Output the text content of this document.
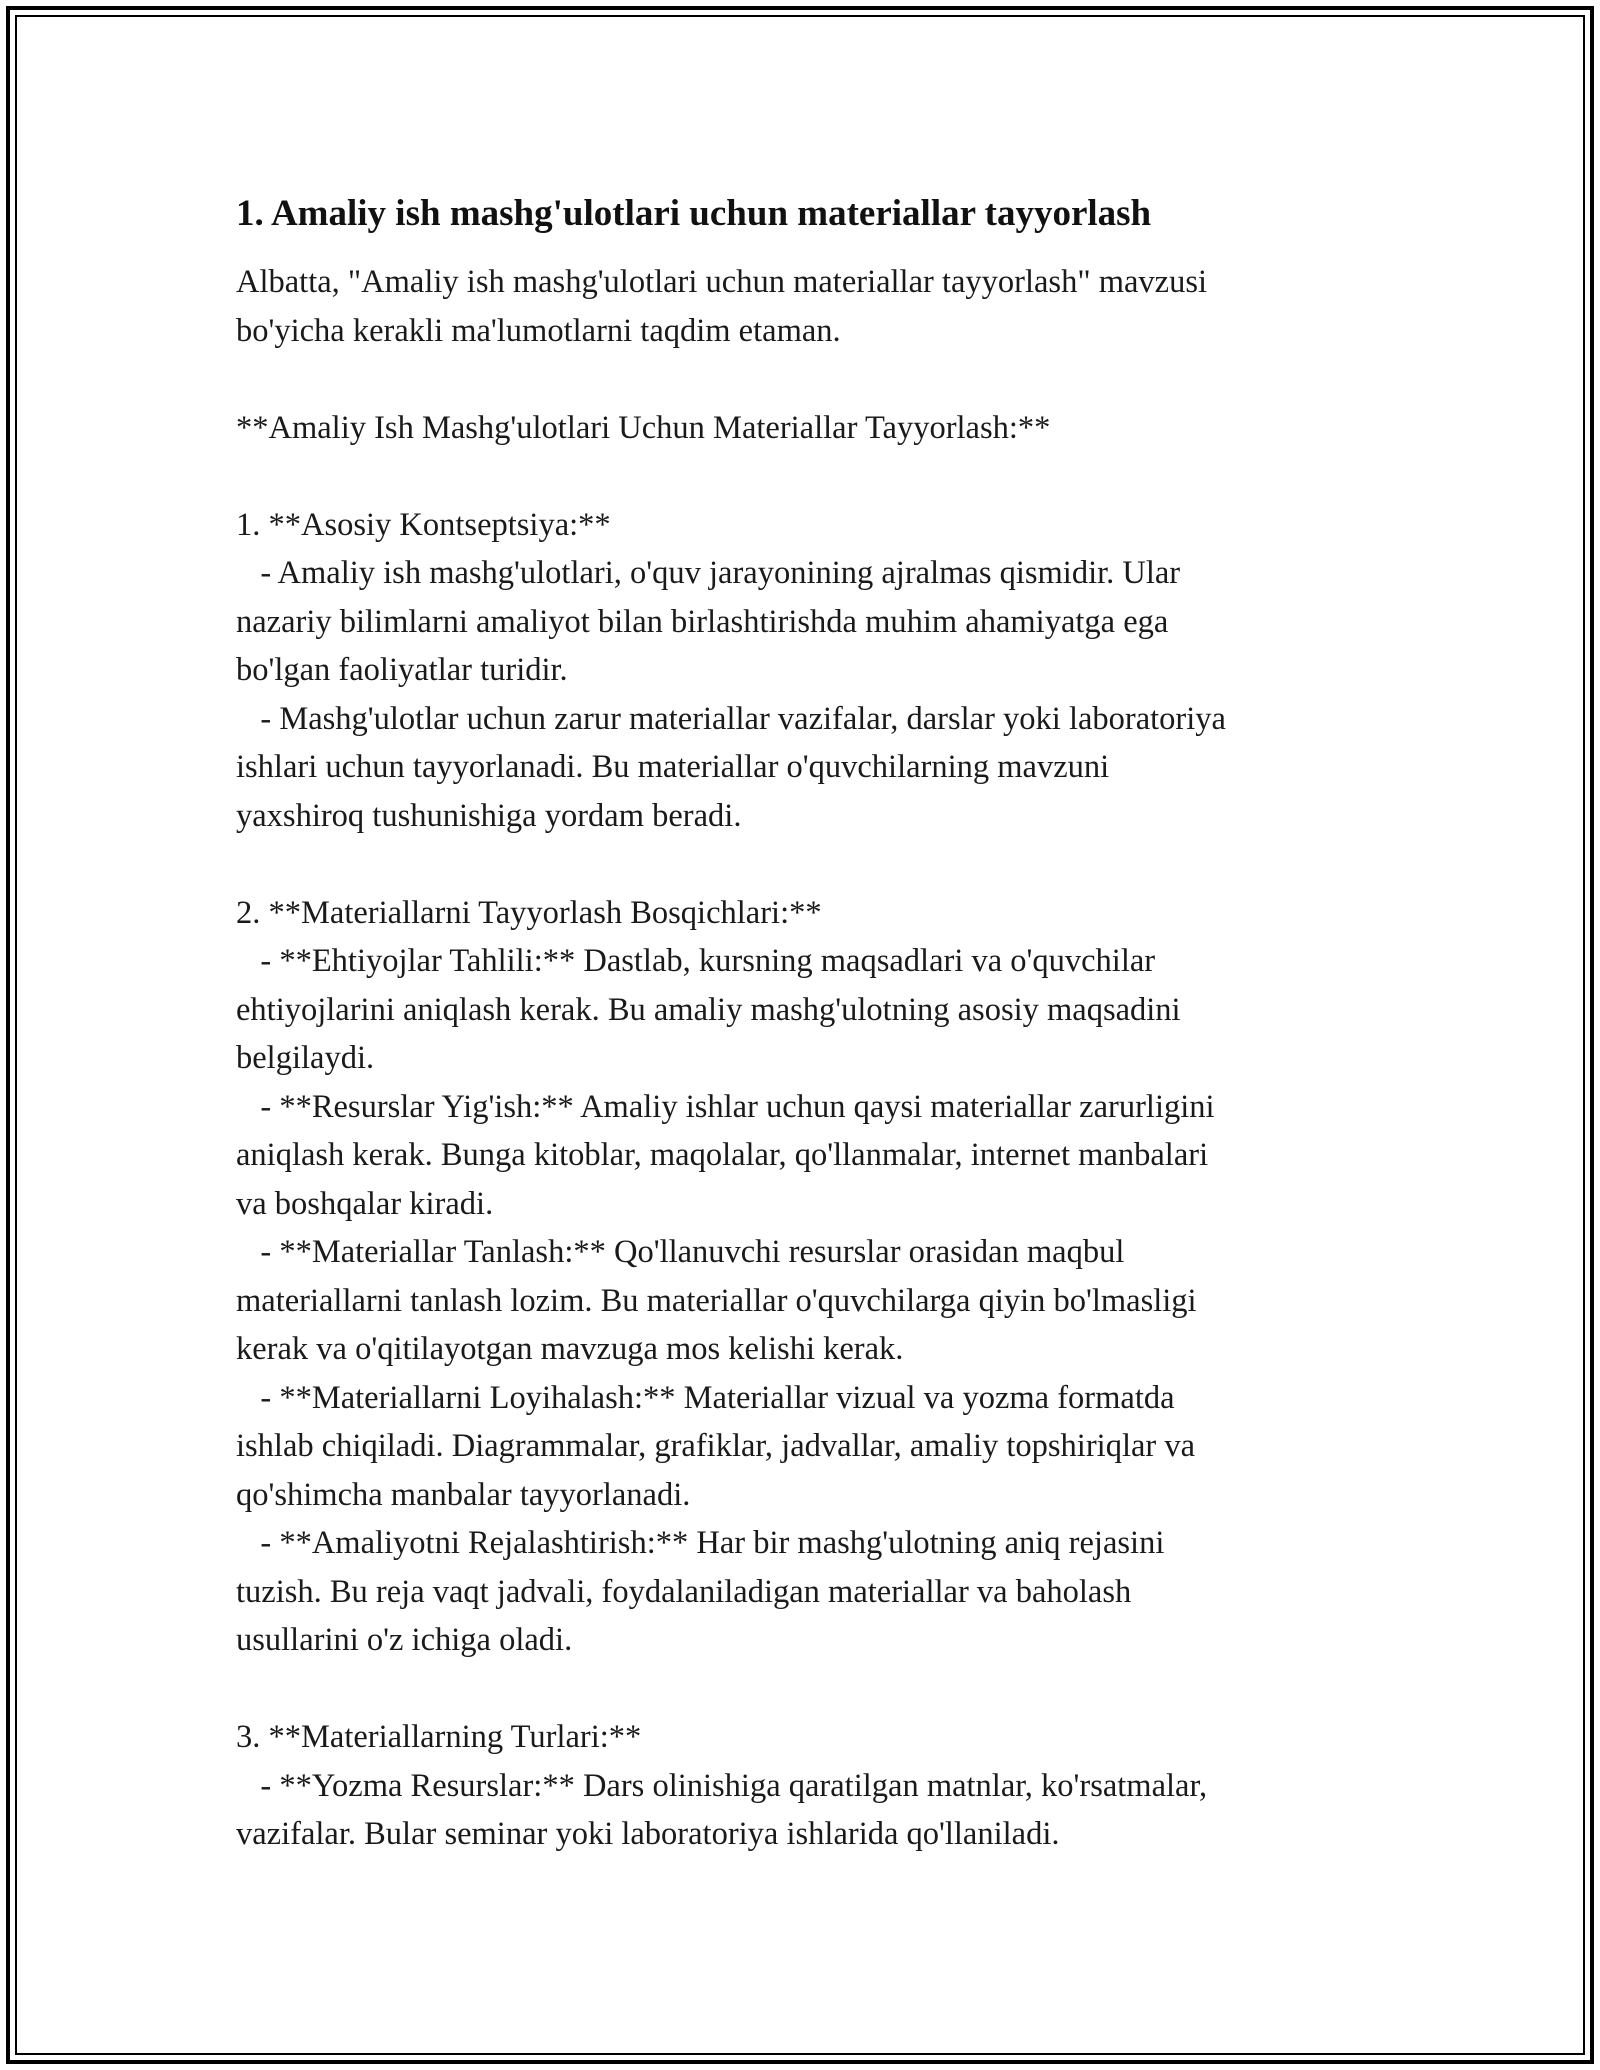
1. Amaliy ish mashg'ulotlari uchun materiallar tayyorlash
Albatta, "Amaliy ish mashg'ulotlari uchun materiallar tayyorlash" mavzusi
bo'yicha kerakli ma'lumotlarni taqdim etaman.

**Amaliy Ish Mashg'ulotlari Uchun Materiallar Tayyorlash:**

1. **Asosiy Kontseptsiya:**
- Amaliy ish mashg'ulotlari, o'quv jarayonining ajralmas qismidir. Ular
nazariy bilimlarni amaliyot bilan birlashtirishda muhim ahamiyatga ega
bo'lgan faoliyatlar turidir.
- Mashg'ulotlar uchun zarur materiallar vazifalar, darslar yoki laboratoriya
ishlari uchun tayyorlanadi. Bu materiallar o'quvchilarning mavzuni
yaxshiroq tushunishiga yordam beradi.

2. **Materiallarni Tayyorlash Bosqichlari:**
- **Ehtiyojlar Tahlili:** Dastlab, kursning maqsadlari va o'quvchilar
ehtiyojlarini aniqlash kerak. Bu amaliy mashg'ulotning asosiy maqsadini
belgilaydi.
- **Resurslar Yig'ish:** Amaliy ishlar uchun qaysi materiallar zarurligini
aniqlash kerak. Bunga kitoblar, maqolalar, qo'llanmalar, internet manbalari
va boshqalar kiradi.
- **Materiallar Tanlash:** Qo'llanuvchi resurslar orasidan maqbul
materiallarni tanlash lozim. Bu materiallar o'quvchilarga qiyin bo'lmasligi
kerak va o'qitilayotgan mavzuga mos kelishi kerak.
- **Materiallarni Loyihalash:** Materiallar vizual va yozma formatda
ishlab chiqiladi. Diagrammalar, grafiklar, jadvallar, amaliy topshiriqlar va
qo'shimcha manbalar tayyorlanadi.
- **Amaliyotni Rejalashtirish:** Har bir mashg'ulotning aniq rejasini
tuzish. Bu reja vaqt jadvali, foydalaniladigan materiallar va baholash
usullarini o'z ichiga oladi.

3. **Materiallarning Turlari:**
- **Yozma Resurslar:** Dars olinishiga qaratilgan matnlar, ko'rsatmalar,
vazifalar. Bular seminar yoki laboratoriya ishlarida qo'llaniladi.
